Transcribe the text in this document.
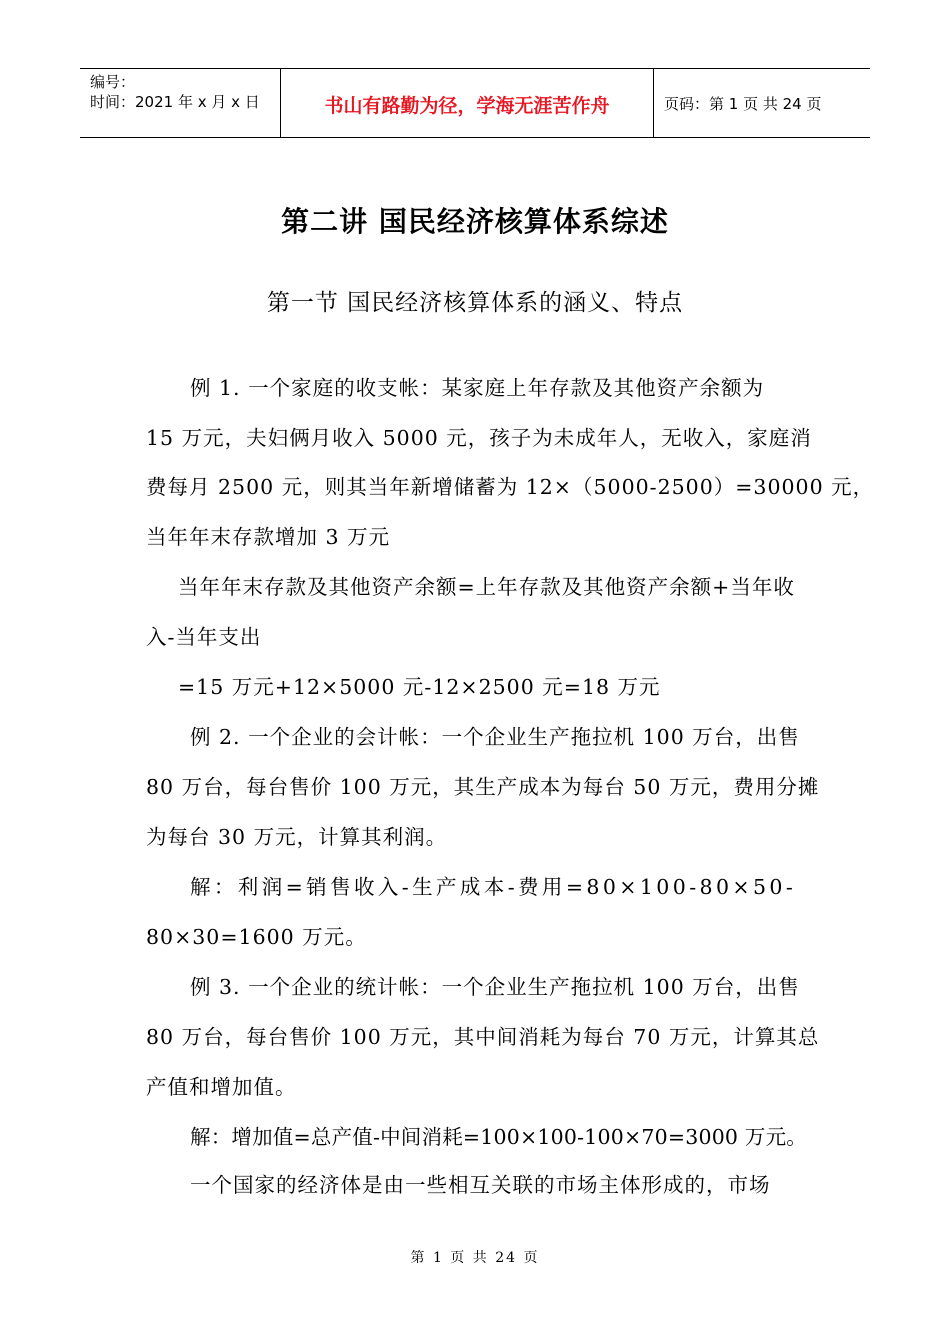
编号：
时间：2021 年 x 月 x 日	书山有路勤为径，学海无涯苦作舟	页码：第 1 页 共 24 页
第二讲 国民经济核算体系综述
第一节 国民经济核算体系的涵义、特点
例 1. 一个家庭的收支帐：某家庭上年存款及其他资产余额为
15 万元，夫妇俩月收入 5000 元，孩子为未成年人，无收入，家庭消
费每月 2500 元，则其当年新增储蓄为 12×（5000-2500）=30000 元，
当年年末存款增加 3 万元
当年年末存款及其他资产余额=上年存款及其他资产余额+当年收
入-当年支出
=15 万元+12×5000 元-12×2500 元=18 万元
例 2. 一个企业的会计帐：一个企业生产拖拉机 100 万台，出售
80 万台，每台售价 100 万元，其生产成本为每台 50 万元，费用分摊
为每台 30 万元，计算其利润。
解：利润=销售收入-生产成本-费用=80×100-80×50-
80×30=1600 万元。
例 3. 一个企业的统计帐：一个企业生产拖拉机 100 万台，出售
80 万台，每台售价 100 万元，其中间消耗为每台 70 万元，计算其总
产值和增加值。
解：增加值=总产值-中间消耗=100×100-100×70=3000 万元。
一个国家的经济体是由一些相互关联的市场主体形成的，市场
第 1 页 共 24 页
